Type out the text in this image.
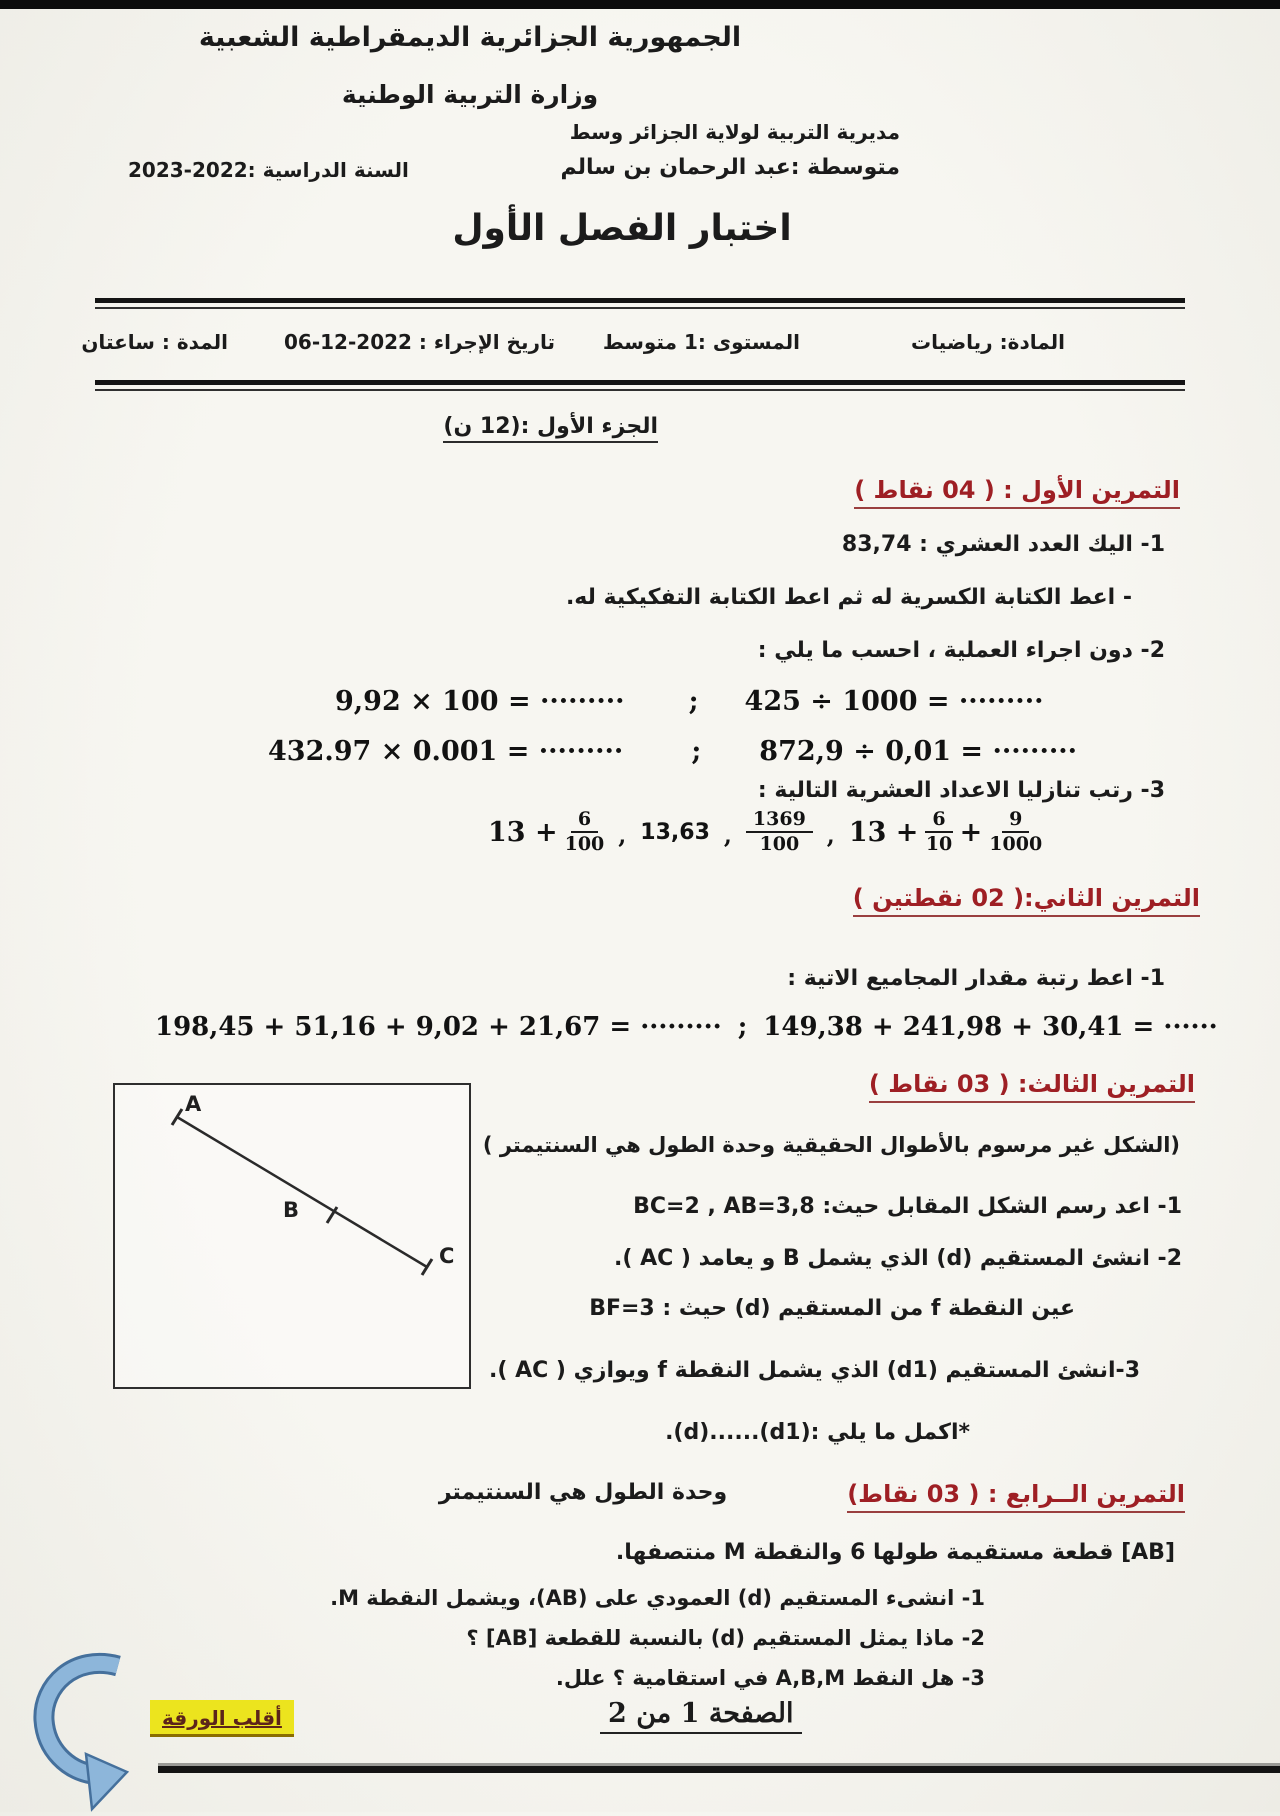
الجمهورية الجزائرية الديمقراطية الشعبية
وزارة التربية الوطنية
مديرية التربية لولاية الجزائر وسط
متوسطة :عبد الرحمان بن سالم
السنة الدراسية :2022-2023
اختبار الفصل الأول
المادة: رياضيات
المستوى :1 متوسط
تاريخ الإجراء : 2022-12-06
المدة : ساعتان
الجزء الأول :(12 ن)
التمرين الأول : ( 04 نقاط )
1- اليك العدد العشري : 83,74
- اعط الكتابة الكسرية له ثم اعط الكتابة التفكيكية له.
2- دون اجراء العملية ، احسب ما يلي :
9,92 × 100 = ········· ; 425 ÷ 1000 = ·········
432.97 × 0.001 = ·········	; 872,9 ÷ 0,01 = ·········
3- رتب تنازليا الاعداد العشرية التالية :
$13 + \frac{6}{100}$ , 13,63 , $\frac{1369}{100}$ , $13 + \frac{6}{10} + \frac{9}{1000}$
التمرين الثاني:( 02 نقطتين )
1- اعط رتبة مقدار المجاميع الاتية :
198,45 + 51,16 + 9,02 + 21,67 = ········· ; 149,38 + 241,98 + 30,41 = ······
التمرين الثالث: ( 03 نقاط )
A
B
C
(الشكل غير مرسوم بالأطوال الحقيقية وحدة الطول هي السنتيمتر )
1- اعد رسم الشكل المقابل حيث: BC=2 , AB=3,8
2- انشئ المستقيم (d) الذي يشمل B و يعامد ( AC ).
عين النقطة f من المستقيم (d) حيث : BF=3
3-انشئ المستقيم (d1) الذي يشمل النقطة f ويوازي ( AC ).
*اكمل ما يلي :(d1)‏......‏(d).
التمرين الــرابع : ( 03 نقاط)
وحدة الطول هي السنتيمتر
[AB] قطعة مستقيمة طولها 6 والنقطة M منتصفها.
1- انشىء المستقيم (d) العمودي على (AB)، ويشمل النقطة M.
2- ماذا يمثل المستقيم (d) بالنسبة للقطعة [AB] ؟
3- هل النقط A,B,M في استقامية ؟ علل.
الصفحة 1 من 2
أقلب الورقة
